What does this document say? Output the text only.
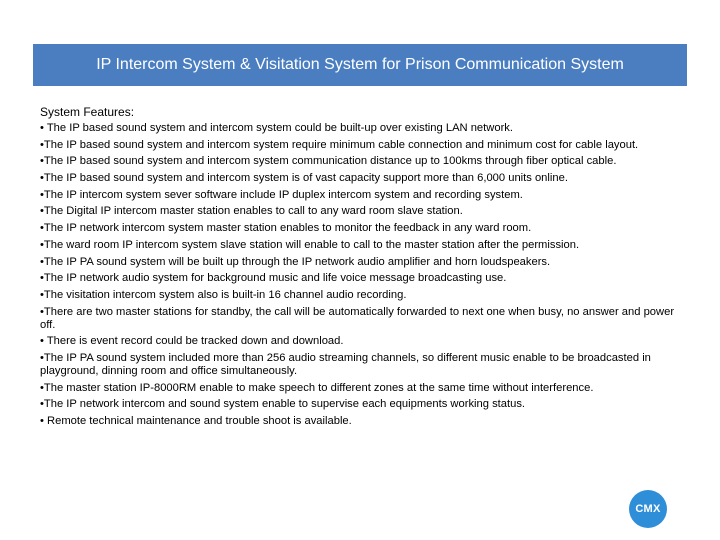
IP Intercom System & Visitation System for Prison Communication System
System Features:

• The IP based sound system and intercom system could be built-up over existing LAN network.

•The IP based sound system and intercom system require minimum cable connection and minimum cost for cable layout.

•The IP based sound system and intercom system communication distance up to 100kms through fiber optical cable.

•The IP based sound system and intercom system is of vast capacity support more than 6,000 units online.

•The IP intercom system sever software include IP duplex intercom system and recording system.

•The Digital IP intercom master station enables to call to any ward room slave station.

•The IP network intercom system master station enables to monitor the feedback in any ward room.

•The ward room IP intercom system slave station will enable to call to the master station after the permission.

•The IP PA sound system will be built up through the IP network audio amplifier and horn loudspeakers.

•The IP network audio system for background music and life voice message broadcasting use.

•The visitation intercom system also is built-in 16 channel audio recording.

•There are two master stations for standby, the call will be automatically forwarded to next one when busy, no answer and power off.

• There is event record could be tracked down and download.

•The IP PA sound system included more than 256 audio streaming channels, so different music enable to be broadcasted in playground, dinning room and office simultaneously.

•The master station IP-8000RM enable to make speech to different zones at the same time without interference.

•The IP network intercom and sound system enable to supervise each equipments working status.

• Remote technical maintenance and trouble shoot is available.

CMX
